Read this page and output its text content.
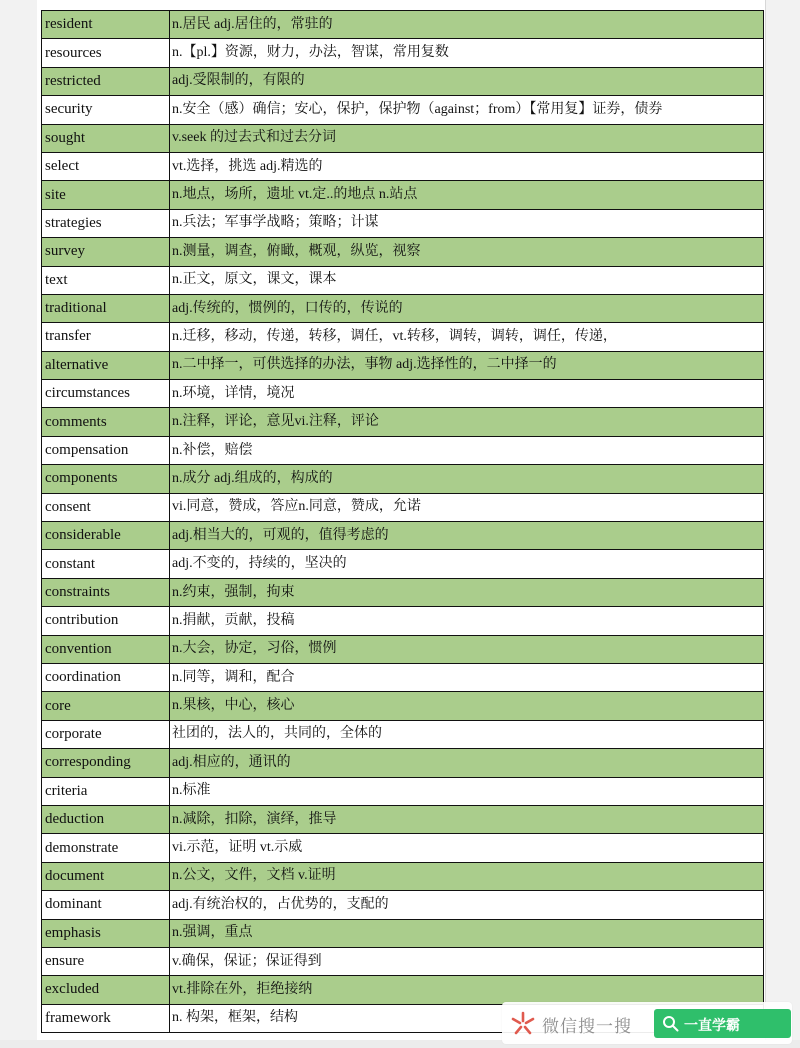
resident	n.居民 adj.居住的，常驻的
resources	n.【pl.】资源，财力，办法，智谋，常用复数
restricted	adj.受限制的，有限的
security	n.安全（感）确信；安心，保护，保护物（against；from）【常用复】证券，债券
sought	v.seek 的过去式和过去分词
select	vt.选择，挑选 adj.精选的
site	n.地点，场所，遗址 vt.定..的地点 n.站点
strategies	n.兵法；军事学战略；策略；计谋
survey	n.测量，调查，俯瞰，概观，纵览，视察
text	n.正文，原文，课文，课本
traditional	adj.传统的，惯例的，口传的，传说的
transfer	n.迁移，移动，传递，转移，调任，vt.转移，调转，调转，调任，传递，
alternative	n.二中择一，可供选择的办法，事物 adj.选择性的，二中择一的
circumstances	n.环境，详情，境况
comments	n.注释，评论，意见vi.注释，评论
compensation	n.补偿，赔偿
components	n.成分 adj.组成的，构成的
consent	vi.同意，赞成，答应n.同意，赞成，允诺
considerable	adj.相当大的，可观的，值得考虑的
constant	adj.不变的，持续的，坚决的
constraints	n.约束，强制，拘束
contribution	n.捐献，贡献，投稿
convention	n.大会，协定，习俗，惯例
coordination	n.同等，调和，配合
core	n.果核，中心，核心
corporate	社团的，法人的，共同的，全体的
corresponding	adj.相应的，通讯的
criteria	n.标准
deduction	n.减除，扣除，演绎，推导
demonstrate	vi.示范，证明 vt.示威
document	n.公文，文件，文档 v.证明
dominant	adj.有统治权的，占优势的，支配的
emphasis	n.强调，重点
ensure	v.确保，保证；保证得到
excluded	vt.排除在外，拒绝接纳
framework	n. 构架，框架，结构	微信搜一搜	一直学霸
